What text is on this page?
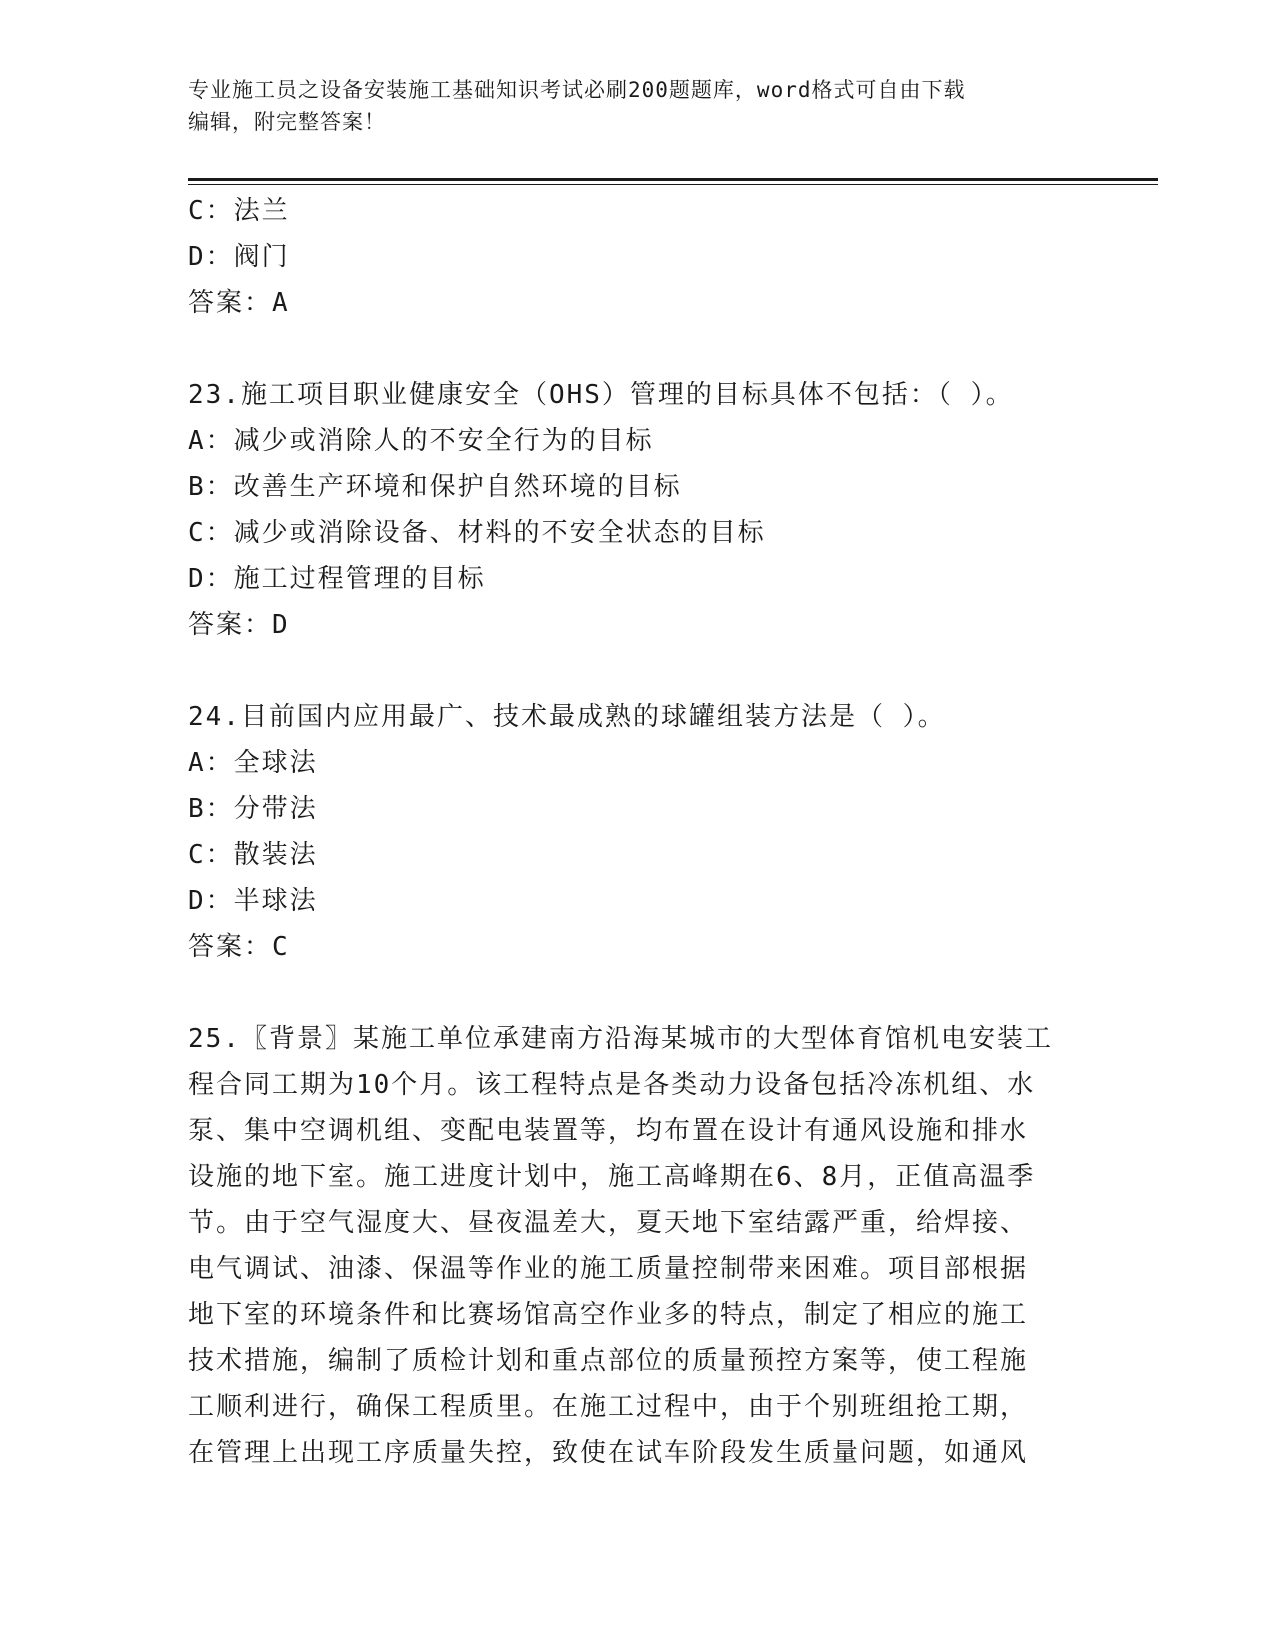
专业施工员之设备安装施工基础知识考试必刷200题题库，word格式可自由下载
编辑，附完整答案！
C：法兰
D：阀门
答案：A
23.施工项目职业健康安全（OHS）管理的目标具体不包括：（ ）。
A：减少或消除人的不安全行为的目标
B：改善生产环境和保护自然环境的目标
C：减少或消除设备、材料的不安全状态的目标
D：施工过程管理的目标
答案：D
24.目前国内应用最广、技术最成熟的球罐组装方法是（ ）。
A：全球法
B：分带法
C：散装法
D：半球法
答案：C
25.〖背景〗某施工单位承建南方沿海某城市的大型体育馆机电安装工
程合同工期为10个月。该工程特点是各类动力设备包括冷冻机组、水
泵、集中空调机组、变配电装置等，均布置在设计有通风设施和排水
设施的地下室。施工进度计划中，施工高峰期在6、8月，正值高温季
节。由于空气湿度大、昼夜温差大，夏天地下室结露严重，给焊接、
电气调试、油漆、保温等作业的施工质量控制带来困难。项目部根据
地下室的环境条件和比赛场馆高空作业多的特点，制定了相应的施工
技术措施，编制了质检计划和重点部位的质量预控方案等，使工程施
工顺利进行，确保工程质里。在施工过程中，由于个别班组抢工期，
在管理上出现工序质量失控，致使在试车阶段发生质量问题，如通风
